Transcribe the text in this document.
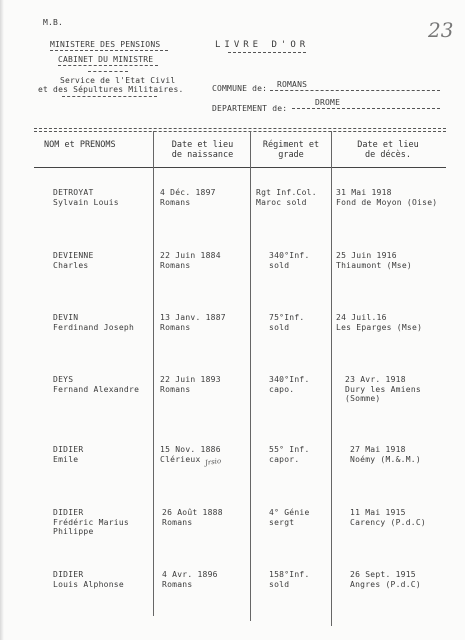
M.B.	23
MINISTERE DES PENSIONS
CABINET DU MINISTRE
Service de l'Etat Civil
et des Sépultures Militaires.
LIVRE D'OR
COMMUNE de: ROMANS
DEPARTEMENT de:
DROME
NOM et PRENOMS	Date et lieu
de naissance
Régiment et
grade
Date et lieu
de décès.
DETROYAT
Sylvain Louis
4 Déc. 1897
Romans
Rgt Inf.Col.
Maroc sold
31 Mai 1918
Fond de Moyon (Oise)
DEVIENNE
Charles
22 Juin 1884
Romans
340°Inf.
sold
25 Juin 1916
Thiaumont (Mse)
DEVIN
Ferdinand Joseph
13 Janv. 1887
Romans
75°Inf.
sold
24 Juil.16
Les Eparges (Mse)
DEYS
Fernand Alexandre
22 Juin 1893
Romans
340°Inf.
capo.
23 Avr. 1918
Dury les Amiens
(Somme)
DIDIER
Emile
15 Nov. 1886
Clérieux
55° Inf.
capor.
27 Mai 1918
Noémy (M.&.M.)
Jrsio
DIDIER
Frédéric Marius
Philippe
26 Août 1888
Romans
4° Génie
sergt
11 Mai 1915
Carency (P.d.C)
DIDIER
Louis Alphonse
4 Avr. 1896
Romans
158°Inf.
sold
26 Sept. 1915
Angres (P.d.C)
